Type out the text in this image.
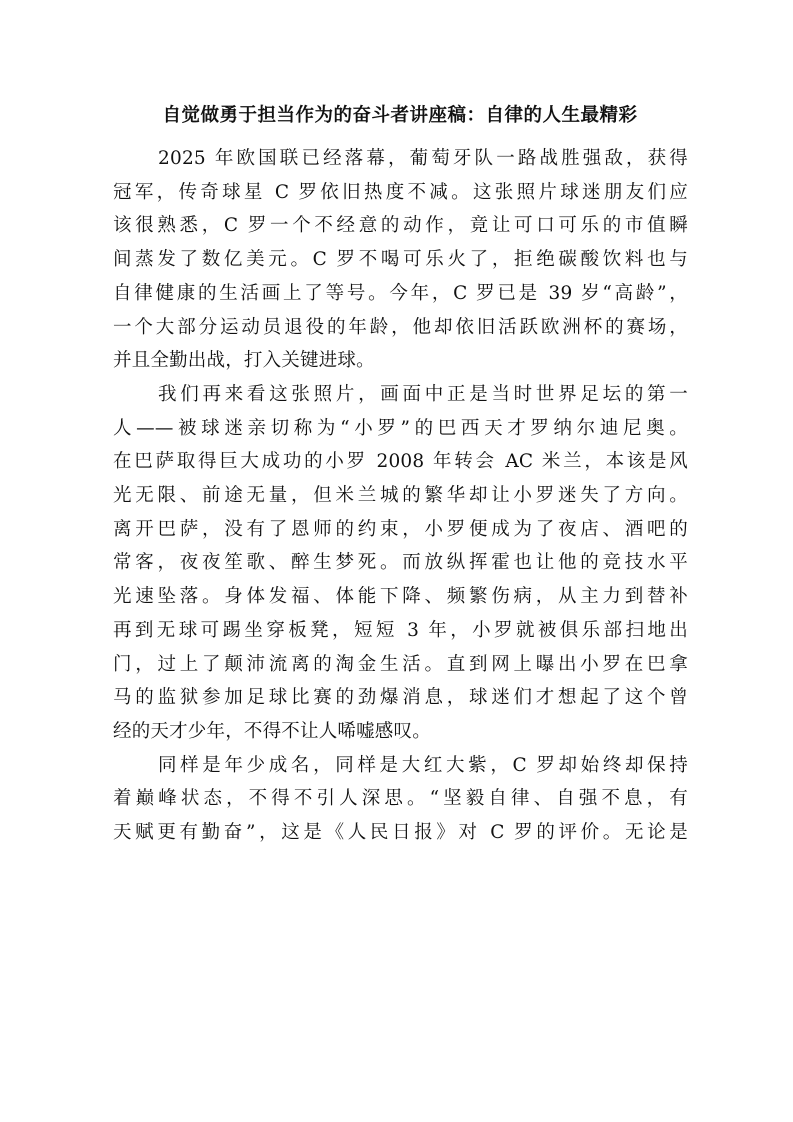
自觉做勇于担当作为的奋斗者讲座稿：自律的人生最精彩

2025 年欧国联已经落幕，葡萄牙队一路战胜强敌，获得
冠军，传奇球星 C 罗依旧热度不减。这张照片球迷朋友们应
该很熟悉，C 罗一个不经意的动作，竟让可口可乐的市值瞬
间蒸发了数亿美元。C 罗不喝可乐火了，拒绝碳酸饮料也与
自律健康的生活画上了等号。今年，C 罗已是 39 岁“高龄”，
一个大部分运动员退役的年龄，他却依旧活跃欧洲杯的赛场，
并且全勤出战，打入关键进球。

我们再来看这张照片，画面中正是当时世界足坛的第一
人——被球迷亲切称为“小罗”的巴西天才罗纳尔迪尼奥。
在巴萨取得巨大成功的小罗 2008 年转会 AC 米兰，本该是风
光无限、前途无量，但米兰城的繁华却让小罗迷失了方向。
离开巴萨，没有了恩师的约束，小罗便成为了夜店、酒吧的
常客，夜夜笙歌、醉生梦死。而放纵挥霍也让他的竞技水平
光速坠落。身体发福、体能下降、频繁伤病，从主力到替补
再到无球可踢坐穿板凳，短短 3 年，小罗就被俱乐部扫地出
门，过上了颠沛流离的淘金生活。直到网上曝出小罗在巴拿
马的监狱参加足球比赛的劲爆消息，球迷们才想起了这个曾
经的天才少年，不得不让人唏嘘感叹。

同样是年少成名，同样是大红大紫，C 罗却始终却保持
着巅峰状态，不得不引人深思。“坚毅自律、自强不息，有
天赋更有勤奋”，这是《人民日报》对 C 罗的评价。无论是
